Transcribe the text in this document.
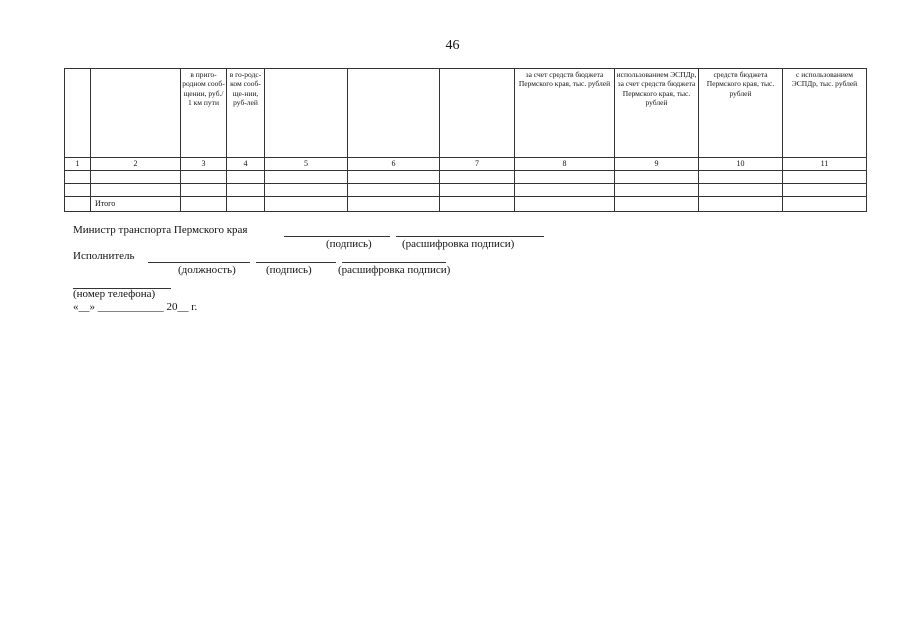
46
		в приго-родном сооб-щении, руб./ 1 км пути	в го-родс-ком сооб-ще-нии, руб-лей				за счет средств бюджета Пермского края, тыс. рублей	использованием ЭСПДр, за счет средств бюджета Пермского края, тыс. рублей	средств бюджета Пермского края, тыс. рублей	с использованием ЭСПДр, тыс. рублей
1	2	3	4	5	6	7	8	9	10	11

	Итого									
Министр транспорта Пермского края
(подпись)	(расшифровка подписи)
Исполнитель
(должность)	(подпись) (расшифровка подписи)
(номер телефона)
«__» ____________ 20__ г.
